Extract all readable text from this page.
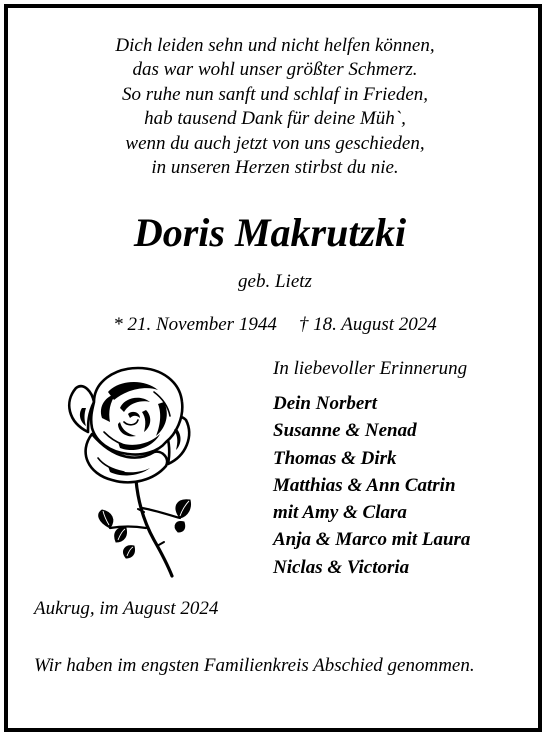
Dich leiden sehn und nicht helfen können,
das war wohl unser größter Schmerz.
So ruhe nun sanft und schlaf in Frieden,
hab tausend Dank für deine Müh`,
wenn du auch jetzt von uns geschieden,
in unseren Herzen stirbst du nie.
Doris Makrutzki
geb. Lietz
* 21. November 1944 † 18. August 2024
In liebevoller Erinnerung
Dein Norbert
Susanne & Nenad
Thomas & Dirk
Matthias & Ann Catrin
mit Amy & Clara
Anja & Marco mit Laura
Niclas & Victoria
Aukrug, im August 2024
Wir haben im engsten Familienkreis Abschied genommen.
